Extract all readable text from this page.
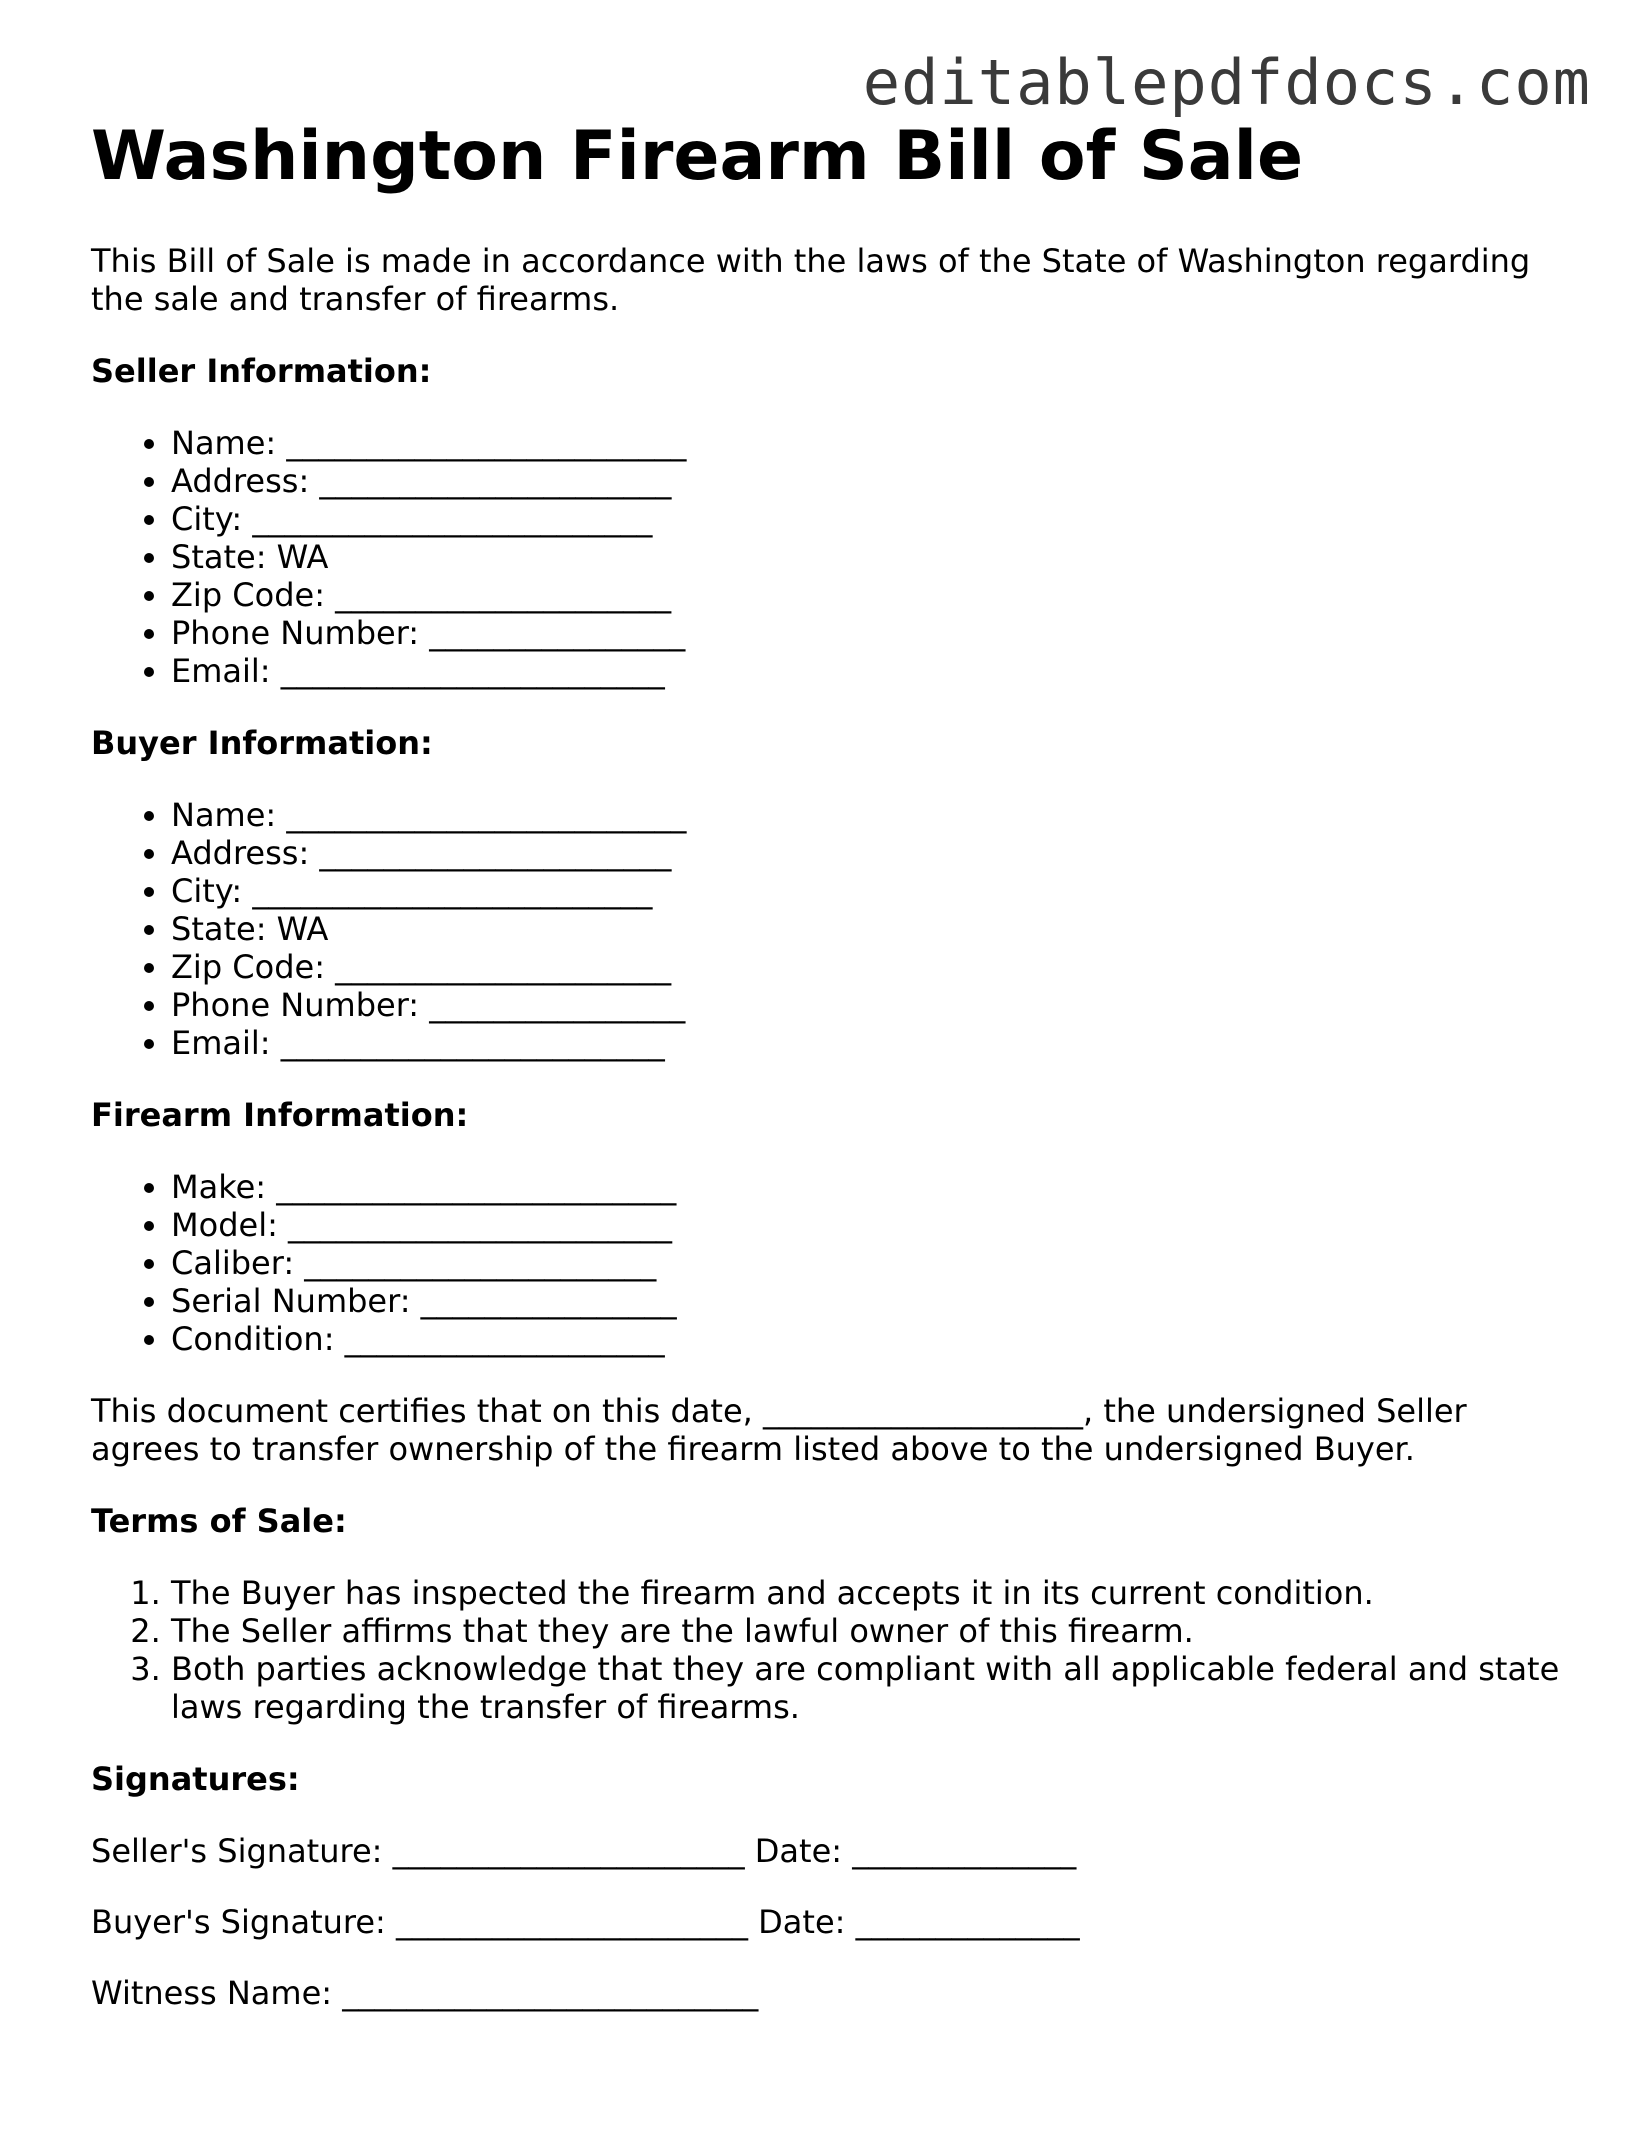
editablepdfdocs.com
Washington Firearm Bill of Sale

This Bill of Sale is made in accordance with the laws of the State of Washington regarding the sale and transfer of firearms.

Seller Information:
• Name: _________________________
• Address: ______________________
• City: _________________________
• State: WA
• Zip Code: _____________________
• Phone Number: ________________
• Email: ________________________
Buyer Information:
• Name: _________________________
• Address: ______________________
• City: _________________________
• State: WA
• Zip Code: _____________________
• Phone Number: ________________
• Email: ________________________
Firearm Information:
• Make: _________________________
• Model: ________________________
• Caliber: ______________________
• Serial Number: ________________
• Condition: ____________________

This document certifies that on this date, ____________________, the undersigned Seller agrees to transfer ownership of the firearm listed above to the undersigned Buyer.

Terms of Sale:
1. The Buyer has inspected the firearm and accepts it in its current condition.
2. The Seller affirms that they are the lawful owner of this firearm.
3. Both parties acknowledge that they are compliant with all applicable federal and state laws regarding the transfer of firearms.
Signatures:
Seller's Signature: ______________________ Date: ______________
Buyer's Signature: ______________________ Date: ______________
Witness Name: __________________________
